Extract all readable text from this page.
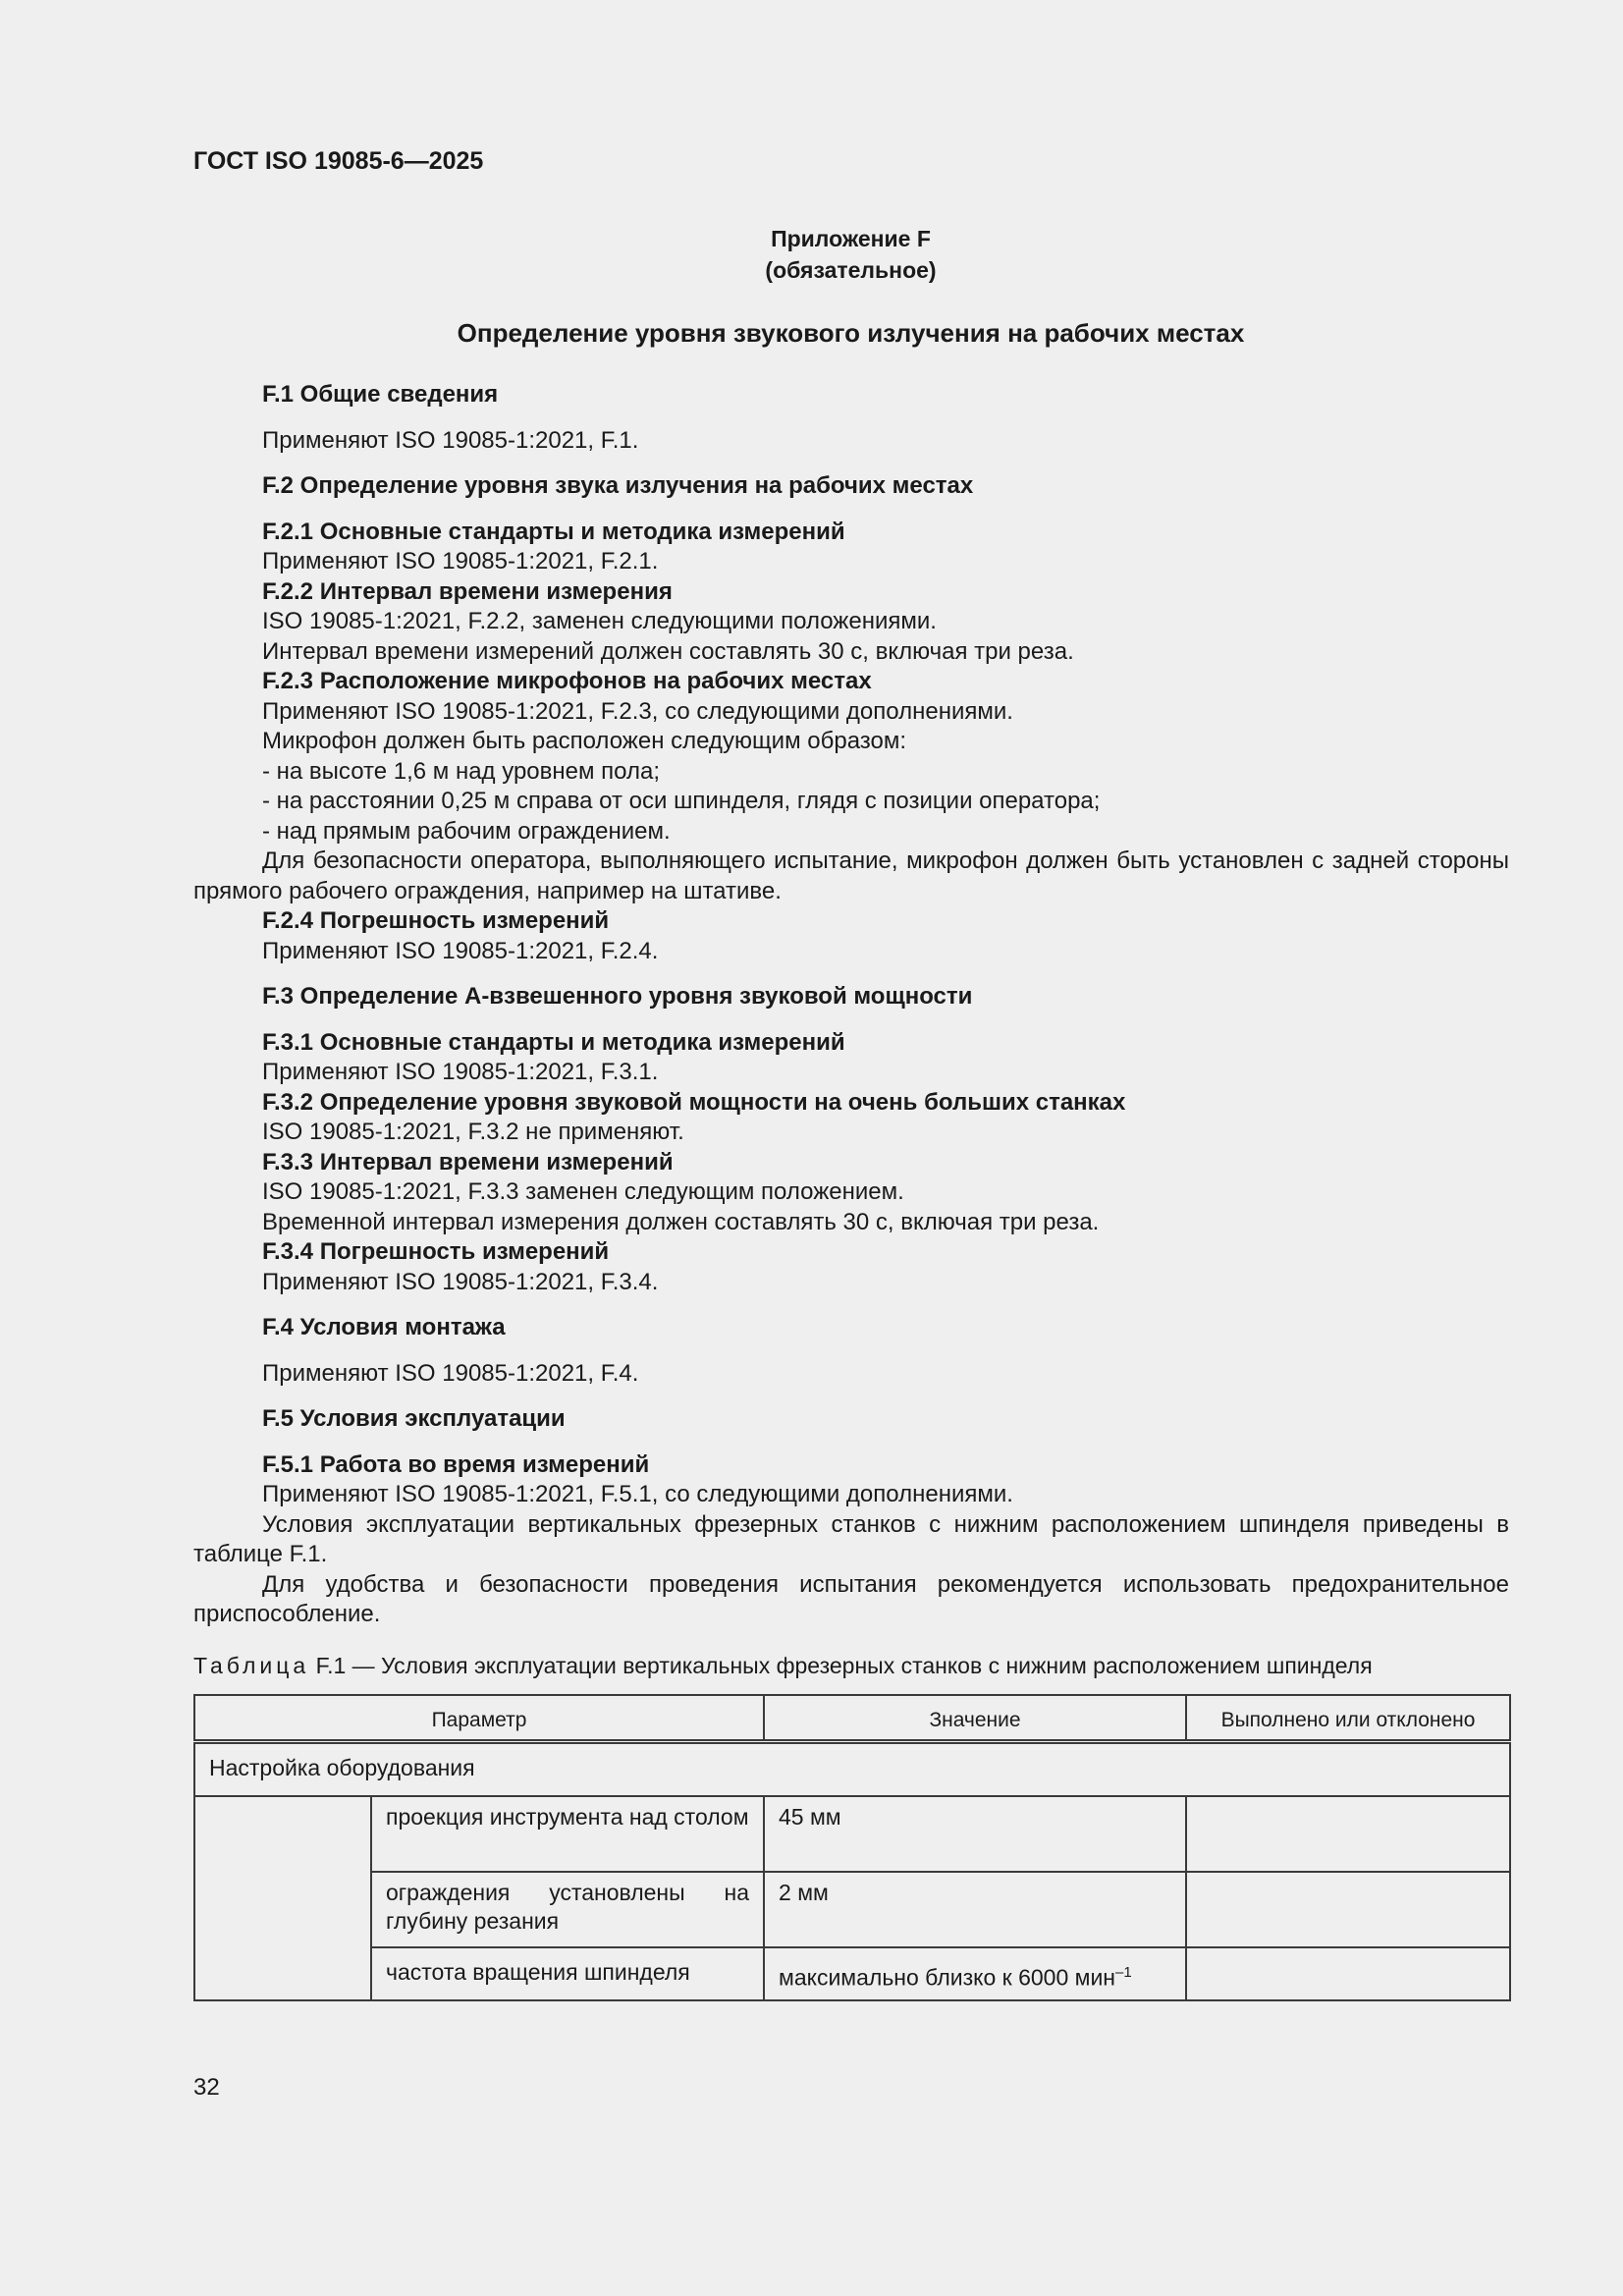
ГОСТ ISO 19085-6—2025
Приложение F
(обязательное)
Определение уровня звукового излучения на рабочих местах

F.1 Общие сведения

Применяют ISO 19085-1:2021, F.1.

F.2 Определение уровня звука излучения на рабочих местах

F.2.1 Основные стандарты и методика измерений

Применяют ISO 19085-1:2021, F.2.1.

F.2.2 Интервал времени измерения

ISO 19085-1:2021, F.2.2, заменен следующими положениями.

Интервал времени измерений должен составлять 30 с, включая три реза.

F.2.3 Расположение микрофонов на рабочих местах

Применяют ISO 19085-1:2021, F.2.3, со следующими дополнениями.

Микрофон должен быть расположен следующим образом:

- на высоте 1,6 м над уровнем пола;

- на расстоянии 0,25 м справа от оси шпинделя, глядя с позиции оператора;

- над прямым рабочим ограждением.

Для безопасности оператора, выполняющего испытание, микрофон должен быть установлен с задней стороны прямого рабочего ограждения, например на штативе.

F.2.4 Погрешность измерений

Применяют ISO 19085-1:2021, F.2.4.

F.3 Определение А-взвешенного уровня звуковой мощности

F.3.1 Основные стандарты и методика измерений

Применяют ISO 19085-1:2021, F.3.1.

F.3.2 Определение уровня звуковой мощности на очень больших станках

ISO 19085-1:2021, F.3.2 не применяют.

F.3.3 Интервал времени измерений

ISO 19085-1:2021, F.3.3 заменен следующим положением.

Временной интервал измерения должен составлять 30 с, включая три реза.

F.3.4 Погрешность измерений

Применяют ISO 19085-1:2021, F.3.4.

F.4 Условия монтажа

Применяют ISO 19085-1:2021, F.4.

F.5 Условия эксплуатации

F.5.1 Работа во время измерений

Применяют ISO 19085-1:2021, F.5.1, со следующими дополнениями.

Условия эксплуатации вертикальных фрезерных станков с нижним расположением шпинделя приведены в таблице F.1.

Для удобства и безопасности проведения испытания рекомендуется использовать предохранительное приспособление.

Таблица F.1 — Условия эксплуатации вертикальных фрезерных станков с нижним расположением шпинделя
Параметр		Значение	Выполнено или отклонено
Настройка оборудования			
	проекция инструмента над столом	45 мм	
	ограждения установлены на глубину резания	2 мм	
	частота вращения шпинделя	максимально близко к 6000 мин$^{-1}$	
32
